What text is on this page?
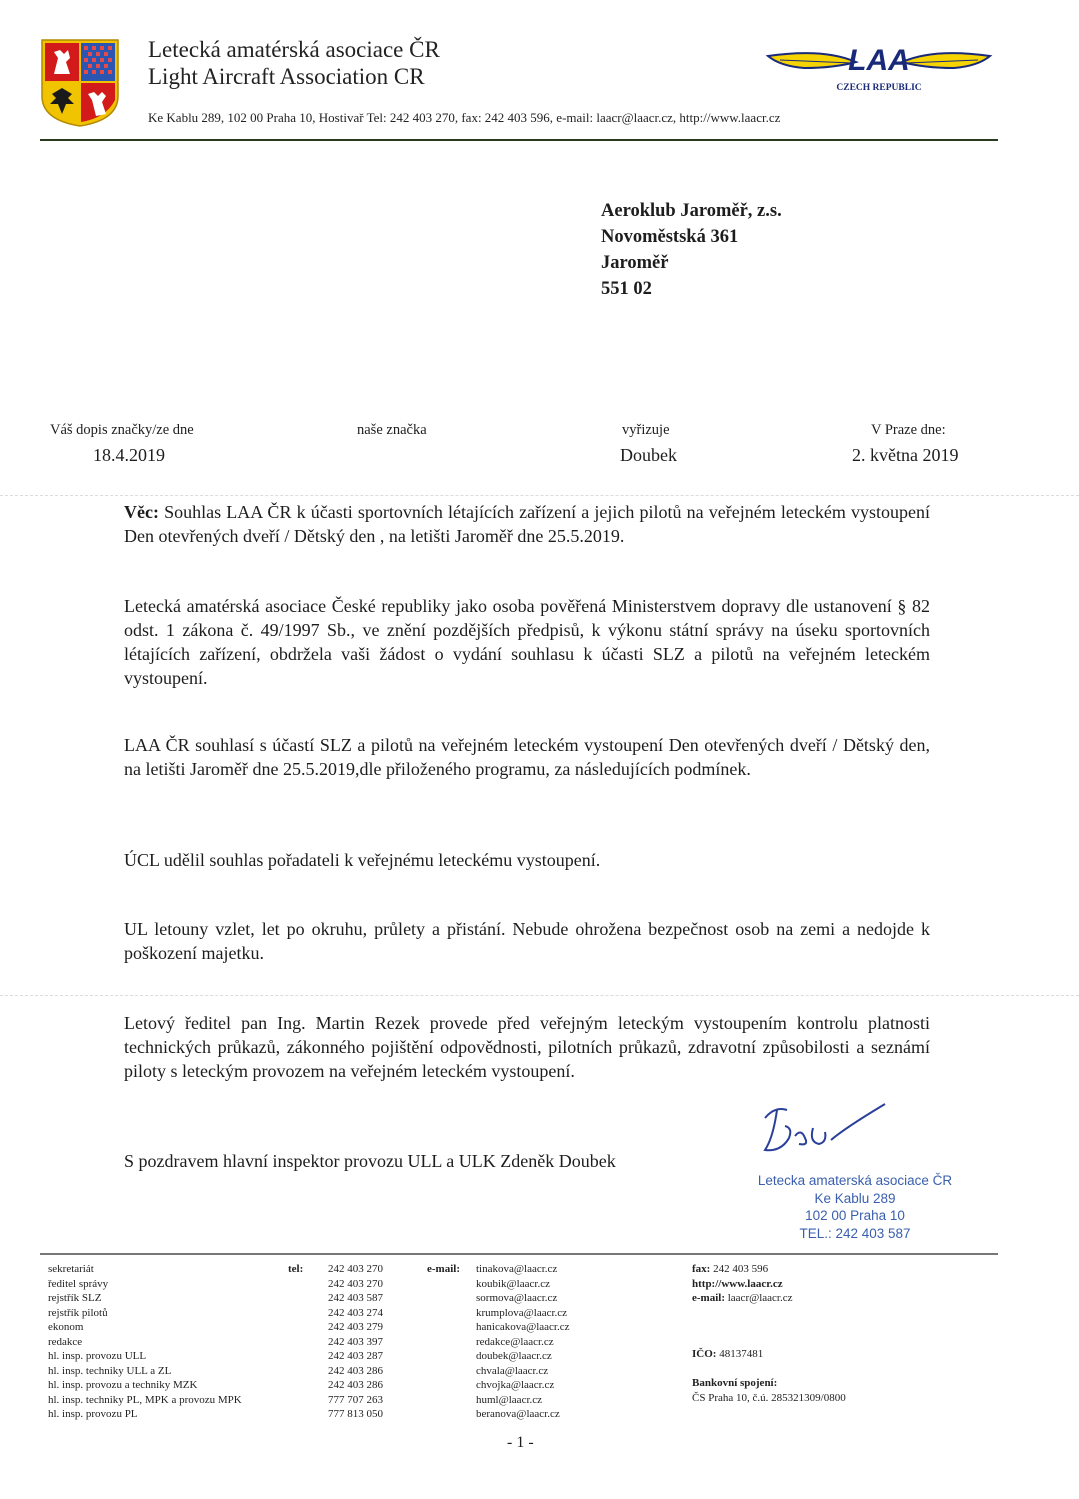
Letecká amatérská asociace ČR
Light Aircraft Association CR	LAA
CZECH REPUBLIC
Ke Kablu 289, 102 00 Praha 10, Hostivař Tel: 242 403 270, fax: 242 403 596, e-mail: laacr@laacr.cz, http://www.laacr.cz
Aeroklub Jaroměř, z.s.
Novoměstská 361
Jaroměř
551 02
Váš dopis značky/ze dne
18.4.2019
naše značka	vyřizuje
Doubek
V Praze dne:
2. května 2019

Věc: Souhlas LAA ČR k účasti sportovních létajících zařízení a jejich pilotů na veřejném leteckém vystoupení Den otevřených dveří / Dětský den , na letišti Jaroměř dne 25.5.2019.

Letecká amatérská asociace České republiky jako osoba pověřená Ministerstvem dopravy dle ustanovení § 82 odst. 1 zákona č. 49/1997 Sb., ve znění pozdějších předpisů, k výkonu státní správy na úseku sportovních létajících zařízení, obdržela vaši žádost o vydání souhlasu k účasti SLZ a pilotů na veřejném leteckém vystoupení.

LAA ČR souhlasí s účastí SLZ a pilotů na veřejném leteckém vystoupení Den otevřených dveří / Dětský den, na letišti Jaroměř dne 25.5.2019,dle přiloženého programu, za následujících podmínek.

ÚCL udělil souhlas pořadateli k veřejnému leteckému vystoupení.

UL letouny vzlet, let po okruhu, průlety a přistání. Nebude ohrožena bezpečnost osob na zemi a nedojde k poškození majetku.

Letový ředitel pan Ing. Martin Rezek provede před veřejným leteckým vystoupením kontrolu platnosti technických průkazů, zákonného pojištění odpovědnosti, pilotních průkazů, zdravotní způsobilosti a seznámí piloty s leteckým provozem na veřejném leteckém vystoupení.

S pozdravem hlavní inspektor provozu ULL a ULK Zdeněk Doubek
Letecka amaterská asociace ČR
Ke Kablu 289
102 00 Praha 10
TEL.: 242 403 587
sekretariát
ředitel správy
rejstřík SLZ
rejstřík pilotů
ekonom
redakce
hl. insp. provozu ULL
hl. insp. techniky ULL a ZL
hl. insp. provozu a techniky MZK
hl. insp. techniky PL, MPK a provozu MPK
hl. insp. provozu PL
tel: 242 403 270
242 403 270
242 403 587
242 403 274
242 403 279
242 403 397
242 403 287
242 403 286
242 403 286
777 707 263
777 813 050
e-mail: tinakova@laacr.cz
koubik@laacr.cz
sormova@laacr.cz
krumplova@laacr.cz
hanicakova@laacr.cz
redakce@laacr.cz
doubek@laacr.cz
chvala@laacr.cz
chvojka@laacr.cz
huml@laacr.cz
beranova@laacr.cz
fax: 242 403 596
http://www.laacr.cz
e-mail: laacr@laacr.cz
IČO: 48137481
Bankovní spojení:
ČS Praha 10, č.ú. 285321309/0800
- 1 -
